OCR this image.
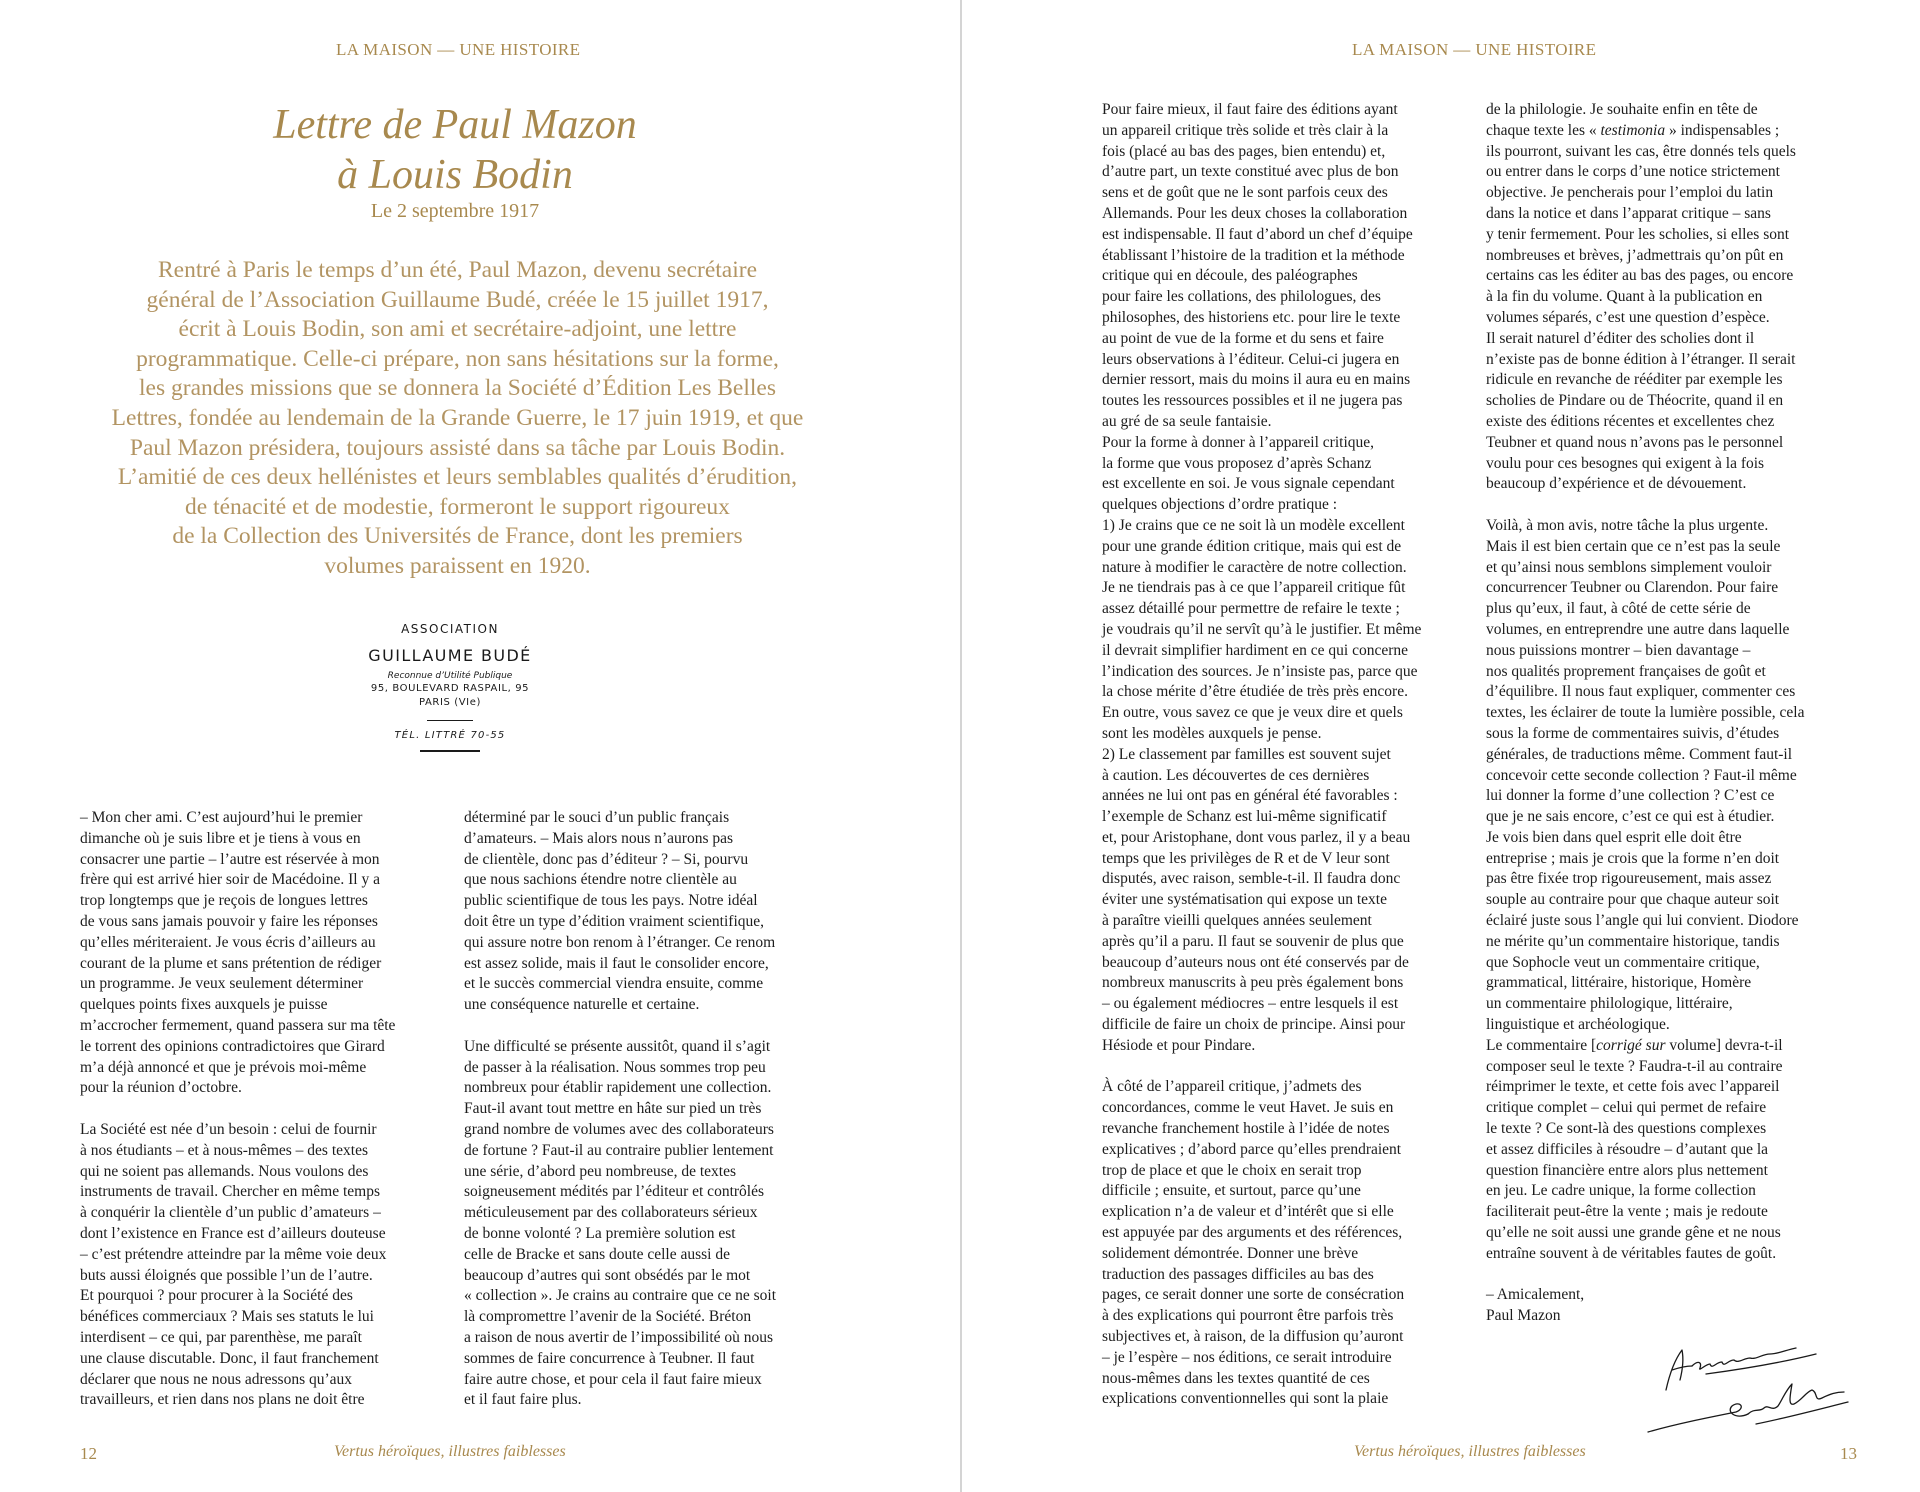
LA MAISON — UNE HISTOIRE
Lettre de Paul Mazon
à Louis Bodin
Le 2 septembre 1917
Rentré à Paris le temps d’un été, Paul Mazon, devenu secrétaire
général de l’Association Guillaume Budé, créée le 15 juillet 1917,
écrit à Louis Bodin, son ami et secrétaire-adjoint, une lettre
programmatique. Celle-ci prépare, non sans hésitations sur la forme,
les grandes missions que se donnera la Société d’Édition Les Belles
Lettres, fondée au lendemain de la Grande Guerre, le 17 juin 1919, et que
Paul Mazon présidera, toujours assisté dans sa tâche par Louis Bodin.
L’amitié de ces deux hellénistes et leurs semblables qualités d’érudition,
de ténacité et de modestie, formeront le support rigoureux
de la Collection des Universités de France, dont les premiers
volumes paraissent en 1920.
ASSOCIATION
GUILLAUME BUDÉ
Reconnue d’Utilité Publique
95, BOULEVARD RASPAIL, 95
PARIS (VIe)
TÉL. LITTRÉ 70-55

– Mon cher ami. C’est aujourd’hui le premier
dimanche où je suis libre et je tiens à vous en
consacrer une partie – l’autre est réservée à mon
frère qui est arrivé hier soir de Macédoine. Il y a
trop longtemps que je reçois de longues lettres
de vous sans jamais pouvoir y faire les réponses
qu’elles mériteraient. Je vous écris d’ailleurs au
courant de la plume et sans prétention de rédiger
un programme. Je veux seulement déterminer
quelques points fixes auxquels je puisse
m’accrocher fermement, quand passera sur ma tête
le torrent des opinions contradictoires que Girard
m’a déjà annoncé et que je prévois moi-même
pour la réunion d’octobre.

La Société est née d’un besoin : celui de fournir
à nos étudiants – et à nous-mêmes – des textes
qui ne soient pas allemands. Nous voulons des
instruments de travail. Chercher en même temps
à conquérir la clientèle d’un public d’amateurs –
dont l’existence en France est d’ailleurs douteuse
– c’est prétendre atteindre par la même voie deux
buts aussi éloignés que possible l’un de l’autre.
Et pourquoi ? pour procurer à la Société des
bénéfices commerciaux ? Mais ses statuts le lui
interdisent – ce qui, par parenthèse, me paraît
une clause discutable. Donc, il faut franchement
déclarer que nous ne nous adressons qu’aux
travailleurs, et rien dans nos plans ne doit être

déterminé par le souci d’un public français
d’amateurs. – Mais alors nous n’aurons pas
de clientèle, donc pas d’éditeur ? – Si, pourvu
que nous sachions étendre notre clientèle au
public scientifique de tous les pays. Notre idéal
doit être un type d’édition vraiment scientifique,
qui assure notre bon renom à l’étranger. Ce renom
est assez solide, mais il faut le consolider encore,
et le succès commercial viendra ensuite, comme
une conséquence naturelle et certaine.

Une difficulté se présente aussitôt, quand il s’agit
de passer à la réalisation. Nous sommes trop peu
nombreux pour établir rapidement une collection.
Faut-il avant tout mettre en hâte sur pied un très
grand nombre de volumes avec des collaborateurs
de fortune ? Faut-il au contraire publier lentement
une série, d’abord peu nombreuse, de textes
soigneusement médités par l’éditeur et contrôlés
méticuleusement par des collaborateurs sérieux
de bonne volonté ? La première solution est
celle de Bracke et sans doute celle aussi de
beaucoup d’autres qui sont obsédés par le mot
« collection ». Je crains au contraire que ce ne soit
là compromettre l’avenir de la Société. Bréton
a raison de nous avertir de l’impossibilité où nous
sommes de faire concurrence à Teubner. Il faut
faire autre chose, et pour cela il faut faire mieux
et il faut faire plus.

12	Vertus héroïques, illustres faiblesses
LA MAISON — UNE HISTOIRE
13
Vertus héroïques, illustres faiblesses

Pour faire mieux, il faut faire des éditions ayant
un appareil critique très solide et très clair à la
fois (placé au bas des pages, bien entendu) et,
d’autre part, un texte constitué avec plus de bon
sens et de goût que ne le sont parfois ceux des
Allemands. Pour les deux choses la collaboration
est indispensable. Il faut d’abord un chef d’équipe
établissant l’histoire de la tradition et la méthode
critique qui en découle, des paléographes
pour faire les collations, des philologues, des
philosophes, des historiens etc. pour lire le texte
au point de vue de la forme et du sens et faire
leurs observations à l’éditeur. Celui-ci jugera en
dernier ressort, mais du moins il aura eu en mains
toutes les ressources possibles et il ne jugera pas
au gré de sa seule fantaisie.
Pour la forme à donner à l’appareil critique,
la forme que vous proposez d’après Schanz
est excellente en soi. Je vous signale cependant
quelques objections d’ordre pratique :
1) Je crains que ce ne soit là un modèle excellent
pour une grande édition critique, mais qui est de
nature à modifier le caractère de notre collection.
Je ne tiendrais pas à ce que l’appareil critique fût
assez détaillé pour permettre de refaire le texte ;
je voudrais qu’il ne servît qu’à le justifier. Et même
il devrait simplifier hardiment en ce qui concerne
l’indication des sources. Je n’insiste pas, parce que
la chose mérite d’être étudiée de très près encore.
En outre, vous savez ce que je veux dire et quels
sont les modèles auxquels je pense.
2) Le classement par familles est souvent sujet
à caution. Les découvertes de ces dernières
années ne lui ont pas en général été favorables :
l’exemple de Schanz est lui-même significatif
et, pour Aristophane, dont vous parlez, il y a beau
temps que les privilèges de R et de V leur sont
disputés, avec raison, semble-t-il. Il faudra donc
éviter une systématisation qui expose un texte
à paraître vieilli quelques années seulement
après qu’il a paru. Il faut se souvenir de plus que
beaucoup d’auteurs nous ont été conservés par de
nombreux manuscrits à peu près également bons
– ou également médiocres – entre lesquels il est
difficile de faire un choix de principe. Ainsi pour
Hésiode et pour Pindare.

À côté de l’appareil critique, j’admets des
concordances, comme le veut Havet. Je suis en
revanche franchement hostile à l’idée de notes
explicatives ; d’abord parce qu’elles prendraient
trop de place et que le choix en serait trop
difficile ; ensuite, et surtout, parce qu’une
explication n’a de valeur et d’intérêt que si elle
est appuyée par des arguments et des références,
solidement démontrée. Donner une brève
traduction des passages difficiles au bas des
pages, ce serait donner une sorte de consécration
à des explications qui pourront être parfois très
subjectives et, à raison, de la diffusion qu’auront
– je l’espère – nos éditions, ce serait introduire
nous-mêmes dans les textes quantité de ces
explications conventionnelles qui sont la plaie

de la philologie. Je souhaite enfin en tête de
chaque texte les « testimonia » indispensables ;
ils pourront, suivant les cas, être donnés tels quels
ou entrer dans le corps d’une notice strictement
objective. Je pencherais pour l’emploi du latin
dans la notice et dans l’apparat critique – sans
y tenir fermement. Pour les scholies, si elles sont
nombreuses et brèves, j’admettrais qu’on pût en
certains cas les éditer au bas des pages, ou encore
à la fin du volume. Quant à la publication en
volumes séparés, c’est une question d’espèce.
Il serait naturel d’éditer des scholies dont il
n’existe pas de bonne édition à l’étranger. Il serait
ridicule en revanche de rééditer par exemple les
scholies de Pindare ou de Théocrite, quand il en
existe des éditions récentes et excellentes chez
Teubner et quand nous n’avons pas le personnel
voulu pour ces besognes qui exigent à la fois
beaucoup d’expérience et de dévouement.

Voilà, à mon avis, notre tâche la plus urgente.
Mais il est bien certain que ce n’est pas la seule
et qu’ainsi nous semblons simplement vouloir
concurrencer Teubner ou Clarendon. Pour faire
plus qu’eux, il faut, à côté de cette série de
volumes, en entreprendre une autre dans laquelle
nous puissions montrer – bien davantage –
nos qualités proprement françaises de goût et
d’équilibre. Il nous faut expliquer, commenter ces
textes, les éclairer de toute la lumière possible, cela
sous la forme de commentaires suivis, d’études
générales, de traductions même. Comment faut-il
concevoir cette seconde collection ? Faut-il même
lui donner la forme d’une collection ? C’est ce
que je ne sais encore, c’est ce qui est à étudier.
Je vois bien dans quel esprit elle doit être
entreprise ; mais je crois que la forme n’en doit
pas être fixée trop rigoureusement, mais assez
souple au contraire pour que chaque auteur soit
éclairé juste sous l’angle qui lui convient. Diodore
ne mérite qu’un commentaire historique, tandis
que Sophocle veut un commentaire critique,
grammatical, littéraire, historique, Homère
un commentaire philologique, littéraire,
linguistique et archéologique.
Le commentaire [corrigé sur volume] devra-t-il
composer seul le texte ? Faudra-t-il au contraire
réimprimer le texte, et cette fois avec l’appareil
critique complet – celui qui permet de refaire
le texte ? Ce sont-là des questions complexes
et assez difficiles à résoudre – d’autant que la
question financière entre alors plus nettement
en jeu. Le cadre unique, la forme collection
faciliterait peut-être la vente ; mais je redoute
qu’elle ne soit aussi une grande gêne et ne nous
entraîne souvent à de véritables fautes de goût.

– Amicalement,
Paul Mazon
